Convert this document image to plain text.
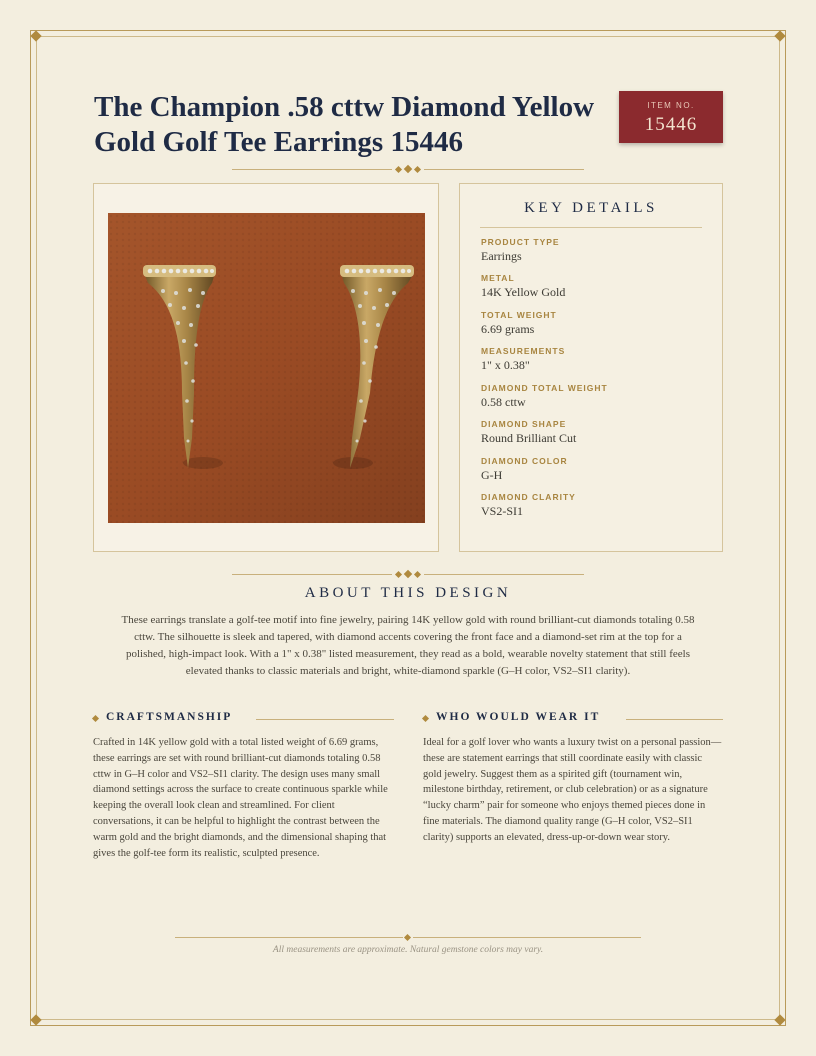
The Champion .58 cttw Diamond Yellow Gold Golf Tee Earrings 15446
ITEM NO.
15446
KEY DETAILS
PRODUCT TYPE
Earrings
METAL
14K Yellow Gold
TOTAL WEIGHT
6.69 grams
MEASUREMENTS
1" x 0.38"
DIAMOND TOTAL WEIGHT
0.58 cttw
DIAMOND SHAPE
Round Brilliant Cut
DIAMOND COLOR
G-H
DIAMOND CLARITY
VS2-SI1
ABOUT THIS DESIGN

These earrings translate a golf-tee motif into fine jewelry, pairing 14K yellow gold with round brilliant-cut diamonds totaling 0.58 cttw. The silhouette is sleek and tapered, with diamond accents covering the front face and a diamond-set rim at the top for a polished, high-impact look. With a 1" x 0.38" listed measurement, they read as a bold, wearable novelty statement that still feels elevated thanks to classic materials and bright, white-diamond sparkle (G–H color, VS2–SI1 clarity).

CRAFTSMANSHIP

Crafted in 14K yellow gold with a total listed weight of 6.69 grams, these earrings are set with round brilliant-cut diamonds totaling 0.58 cttw in G–H color and VS2–SI1 clarity. The design uses many small diamond settings across the surface to create continuous sparkle while keeping the overall look clean and streamlined. For client conversations, it can be helpful to highlight the contrast between the warm gold and the bright diamonds, and the dimensional shaping that gives the golf-tee form its realistic, sculpted presence.

WHO WOULD WEAR IT

Ideal for a golf lover who wants a luxury twist on a personal passion—these are statement earrings that still coordinate easily with classic gold jewelry. Suggest them as a spirited gift (tournament win, milestone birthday, retirement, or club celebration) or as a signature “lucky charm” pair for someone who enjoys themed pieces done in fine materials. The diamond quality range (G–H color, VS2–SI1 clarity) supports an elevated, dress-up-or-down wear story.

All measurements are approximate. Natural gemstone colors may vary.
